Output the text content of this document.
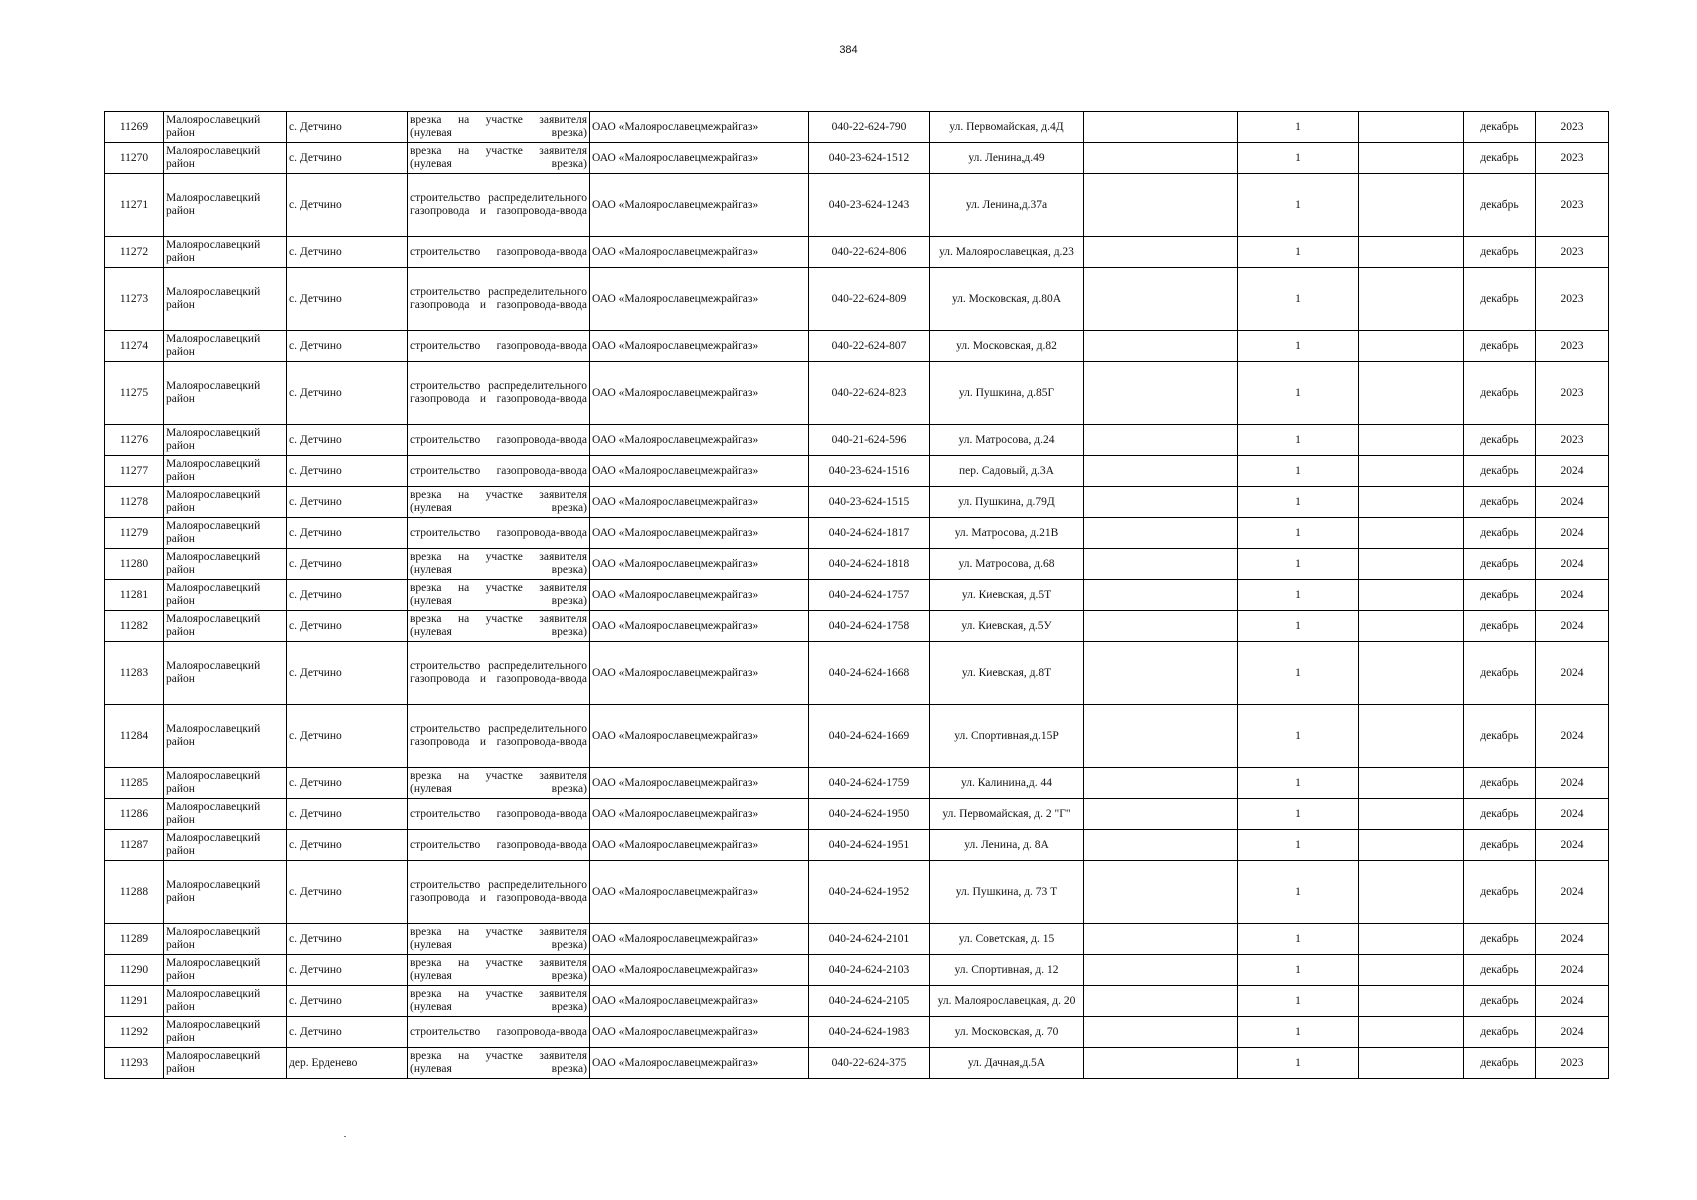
384
11269	Малоярославецкий район	с. Детчино	врезка на участке заявителя (нулевая врезка)	ОАО «Малоярославецмежрайгаз»	040-22-624-790	ул. Первомайская, д.4Д		1		декабрь	2023
11270	Малоярославецкий район	с. Детчино	врезка на участке заявителя (нулевая врезка)	ОАО «Малоярославецмежрайгаз»	040-23-624-1512	ул. Ленина,д.49		1		декабрь	2023
11271	Малоярославецкий район	с. Детчино	строительство распределительного газопровода и газопровода-ввода	ОАО «Малоярославецмежрайгаз»	040-23-624-1243	ул. Ленина,д.37а		1		декабрь	2023
11272	Малоярославецкий район	с. Детчино	строительство газопровода-ввода	ОАО «Малоярославецмежрайгаз»	040-22-624-806	ул. Малоярославецкая, д.23		1		декабрь	2023
11273	Малоярославецкий район	с. Детчино	строительство распределительного газопровода и газопровода-ввода	ОАО «Малоярославецмежрайгаз»	040-22-624-809	ул. Московская, д.80А		1		декабрь	2023
11274	Малоярославецкий район	с. Детчино	строительство газопровода-ввода	ОАО «Малоярославецмежрайгаз»	040-22-624-807	ул. Московская, д.82		1		декабрь	2023
11275	Малоярославецкий район	с. Детчино	строительство распределительного газопровода и газопровода-ввода	ОАО «Малоярославецмежрайгаз»	040-22-624-823	ул. Пушкина, д.85Г		1		декабрь	2023
11276	Малоярославецкий район	с. Детчино	строительство газопровода-ввода	ОАО «Малоярославецмежрайгаз»	040-21-624-596	ул. Матросова, д.24		1		декабрь	2023
11277	Малоярославецкий район	с. Детчино	строительство газопровода-ввода	ОАО «Малоярославецмежрайгаз»	040-23-624-1516	пер. Садовый, д.3А		1		декабрь	2024
11278	Малоярославецкий район	с. Детчино	врезка на участке заявителя (нулевая врезка)	ОАО «Малоярославецмежрайгаз»	040-23-624-1515	ул. Пушкина, д.79Д		1		декабрь	2024
11279	Малоярославецкий район	с. Детчино	строительство газопровода-ввода	ОАО «Малоярославецмежрайгаз»	040-24-624-1817	ул. Матросова, д.21В		1		декабрь	2024
11280	Малоярославецкий район	с. Детчино	врезка на участке заявителя (нулевая врезка)	ОАО «Малоярославецмежрайгаз»	040-24-624-1818	ул. Матросова, д.68		1		декабрь	2024
11281	Малоярославецкий район	с. Детчино	врезка на участке заявителя (нулевая врезка)	ОАО «Малоярославецмежрайгаз»	040-24-624-1757	ул. Киевская, д.5Т		1		декабрь	2024
11282	Малоярославецкий район	с. Детчино	врезка на участке заявителя (нулевая врезка)	ОАО «Малоярославецмежрайгаз»	040-24-624-1758	ул. Киевская, д.5У		1		декабрь	2024
11283	Малоярославецкий район	с. Детчино	строительство распределительного газопровода и газопровода-ввода	ОАО «Малоярославецмежрайгаз»	040-24-624-1668	ул. Киевская, д.8Т		1		декабрь	2024
11284	Малоярославецкий район	с. Детчино	строительство распределительного газопровода и газопровода-ввода	ОАО «Малоярославецмежрайгаз»	040-24-624-1669	ул. Спортивная,д.15Р		1		декабрь	2024
11285	Малоярославецкий район	с. Детчино	врезка на участке заявителя (нулевая врезка)	ОАО «Малоярославецмежрайгаз»	040-24-624-1759	ул. Калинина,д. 44		1		декабрь	2024
11286	Малоярославецкий район	с. Детчино	строительство газопровода-ввода	ОАО «Малоярославецмежрайгаз»	040-24-624-1950	ул. Первомайская, д. 2 "Г"		1		декабрь	2024
11287	Малоярославецкий район	с. Детчино	строительство газопровода-ввода	ОАО «Малоярославецмежрайгаз»	040-24-624-1951	ул. Ленина, д. 8А		1		декабрь	2024
11288	Малоярославецкий район	с. Детчино	строительство распределительного газопровода и газопровода-ввода	ОАО «Малоярославецмежрайгаз»	040-24-624-1952	ул. Пушкина, д. 73 Т		1		декабрь	2024
11289	Малоярославецкий район	с. Детчино	врезка на участке заявителя (нулевая врезка)	ОАО «Малоярославецмежрайгаз»	040-24-624-2101	ул. Советская, д. 15		1		декабрь	2024
11290	Малоярославецкий район	с. Детчино	врезка на участке заявителя (нулевая врезка)	ОАО «Малоярославецмежрайгаз»	040-24-624-2103	ул. Спортивная, д. 12		1		декабрь	2024
11291	Малоярославецкий район	с. Детчино	врезка на участке заявителя (нулевая врезка)	ОАО «Малоярославецмежрайгаз»	040-24-624-2105	ул. Малоярославецкая, д. 20		1		декабрь	2024
11292	Малоярославецкий район	с. Детчино	строительство газопровода-ввода	ОАО «Малоярославецмежрайгаз»	040-24-624-1983	ул. Московская, д. 70		1		декабрь	2024
11293	Малоярославецкий район	дер. Ерденево	врезка на участке заявителя (нулевая врезка)	ОАО «Малоярославецмежрайгаз»	040-22-624-375	ул. Дачная,д.5А		1		декабрь	2023
